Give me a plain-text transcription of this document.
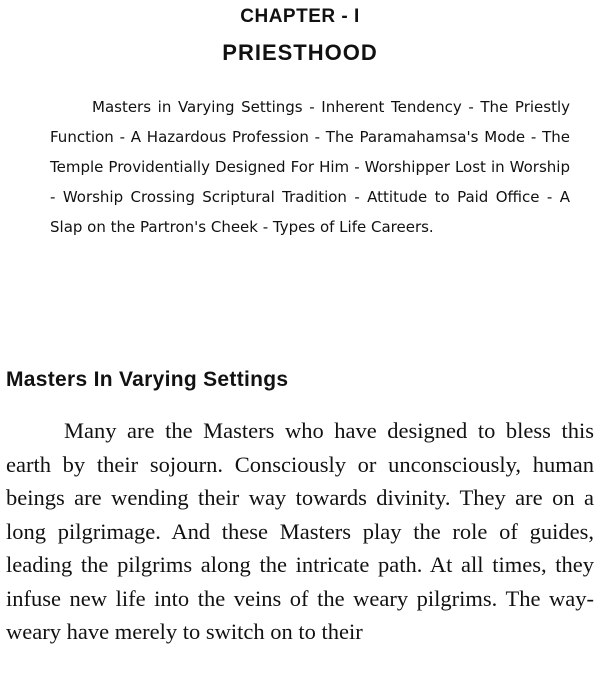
CHAPTER - I
PRIESTHOOD
Masters in Varying Settings - Inherent Tendency - The Priestly Function - A Hazardous Profession - The Paramahamsa's Mode - The Temple Providentially Designed For Him - Worshipper Lost in Worship - Worship Crossing Scriptural Tradition - Attitude to Paid Office - A Slap on the Partron's Cheek - Types of Life Careers.
Masters In Varying Settings

Many are the Masters who have designed to bless this earth by their sojourn. Consciously or unconsciously, human beings are wending their way towards divinity. They are on a long pilgrimage. And these Masters play the role of guides, leading the pilgrims along the intricate path. At all times, they infuse new life into the veins of the weary pilgrims. The way-weary have merely to switch on to their
